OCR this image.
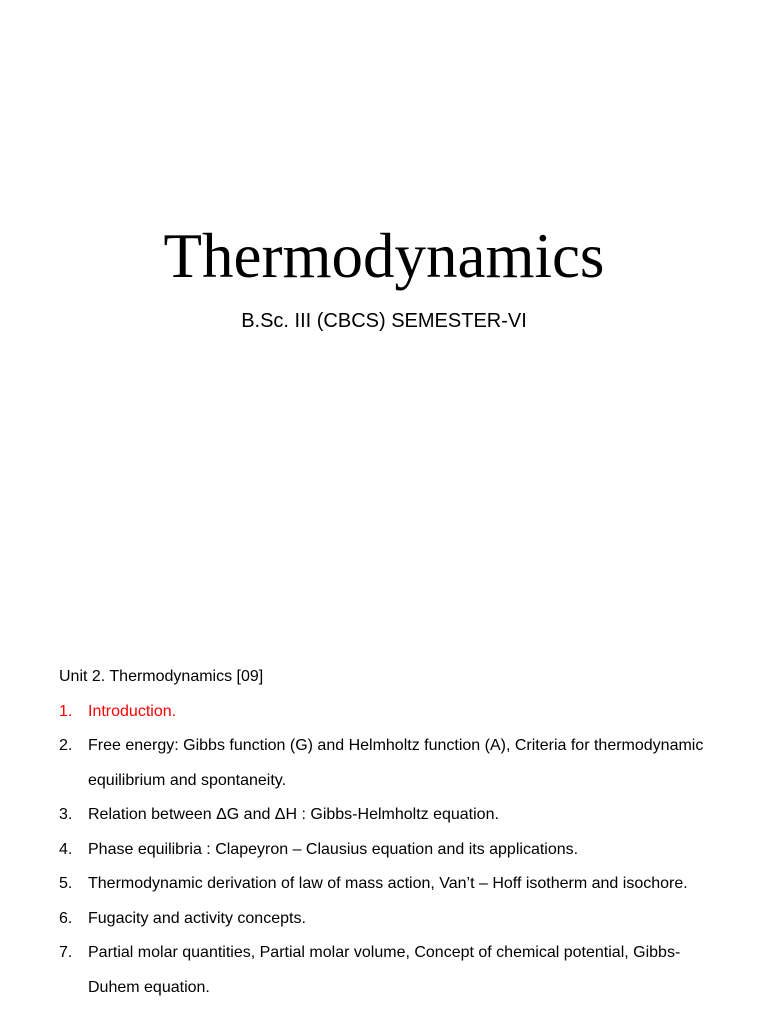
Thermodynamics
B.Sc. III (CBCS) SEMESTER-VI
Unit 2. Thermodynamics [09]
1. Introduction.
2. Free energy: Gibbs function (G) and Helmholtz function (A), Criteria for thermodynamic equilibrium and spontaneity.
3. Relation between ΔG and ΔH : Gibbs-Helmholtz equation.
4. Phase equilibria : Clapeyron – Clausius equation and its applications.
5. Thermodynamic derivation of law of mass action, Van’t – Hoff isotherm and isochore.
6. Fugacity and activity concepts.
7. Partial molar quantities, Partial molar volume, Concept of chemical potential, Gibbs-Duhem equation.
